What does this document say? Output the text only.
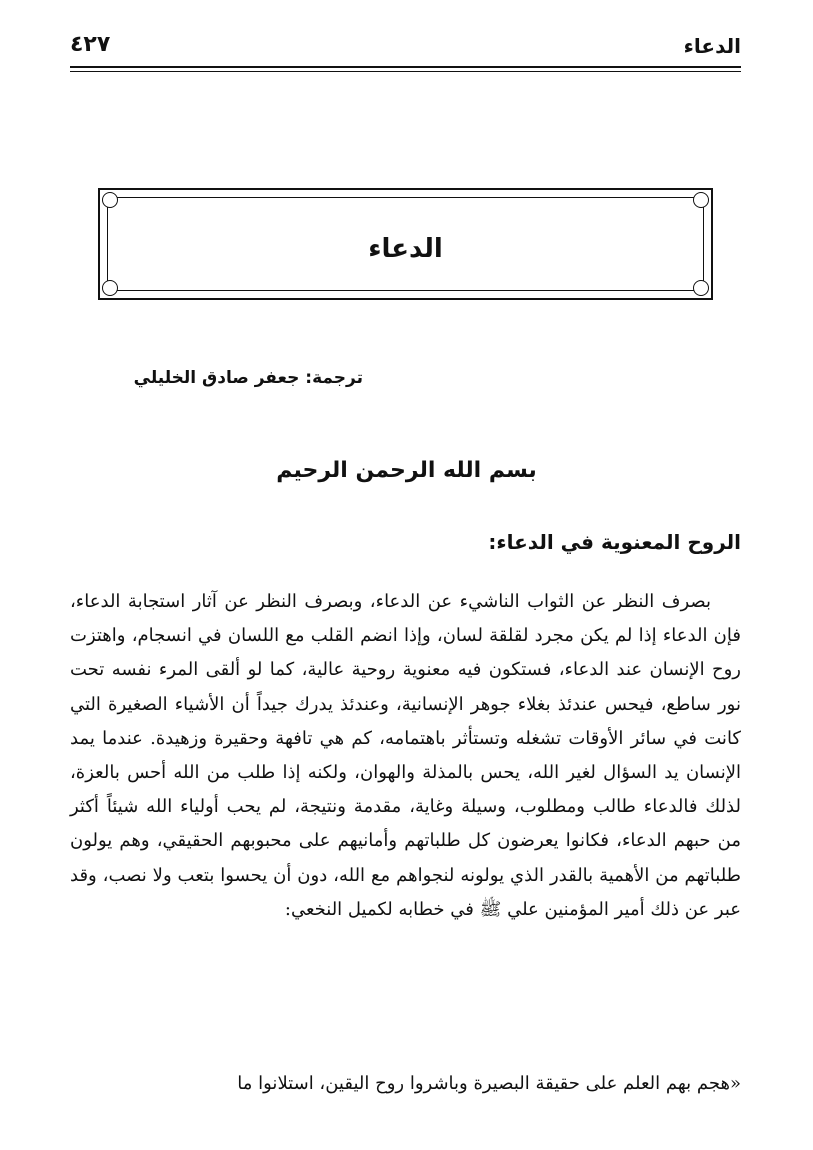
الدعاء
٤٢٧
الدعاء
ترجمة: جعفر صادق الخليلي
بسم الله الرحمن الرحيم
الروح المعنوية في الدعاء:

بصرف النظر عن الثواب الناشيء عن الدعاء، وبصرف النظر عن آثار استجابة الدعاء، فإن الدعاء إذا لم يكن مجرد لقلقة لسان، وإذا انضم القلب مع اللسان في انسجام، واهتزت روح الإنسان عند الدعاء، فستكون فيه معنوية روحية عالية، كما لو ألقى المرء نفسه تحت نور ساطع، فيحس عندئذ بغلاء جوهر الإنسانية، وعندئذ يدرك جيداً أن الأشياء الصغيرة التي كانت في سائر الأوقات تشغله وتستأثر باهتمامه، كم هي تافهة وحقيرة وزهيدة. عندما يمد الإنسان يد السؤال لغير الله، يحس بالمذلة والهوان، ولكنه إذا طلب من الله أحس بالعزة، لذلك فالدعاء طالب ومطلوب، وسيلة وغاية، مقدمة ونتيجة، لم يحب أولياء الله شيئاً أكثر من حبهم الدعاء، فكانوا يعرضون كل طلباتهم وأمانيهم على محبوبهم الحقيقي، وهم يولون طلباتهم من الأهمية بالقدر الذي يولونه لنجواهم مع الله، دون أن يحسوا بتعب ولا نصب، وقد عبر عن ذلك أمير المؤمنين علي ﷺ في خطابه لكميل النخعي:

«هجم بهم العلم على حقيقة البصيرة وباشروا روح اليقين، استلانوا ما
